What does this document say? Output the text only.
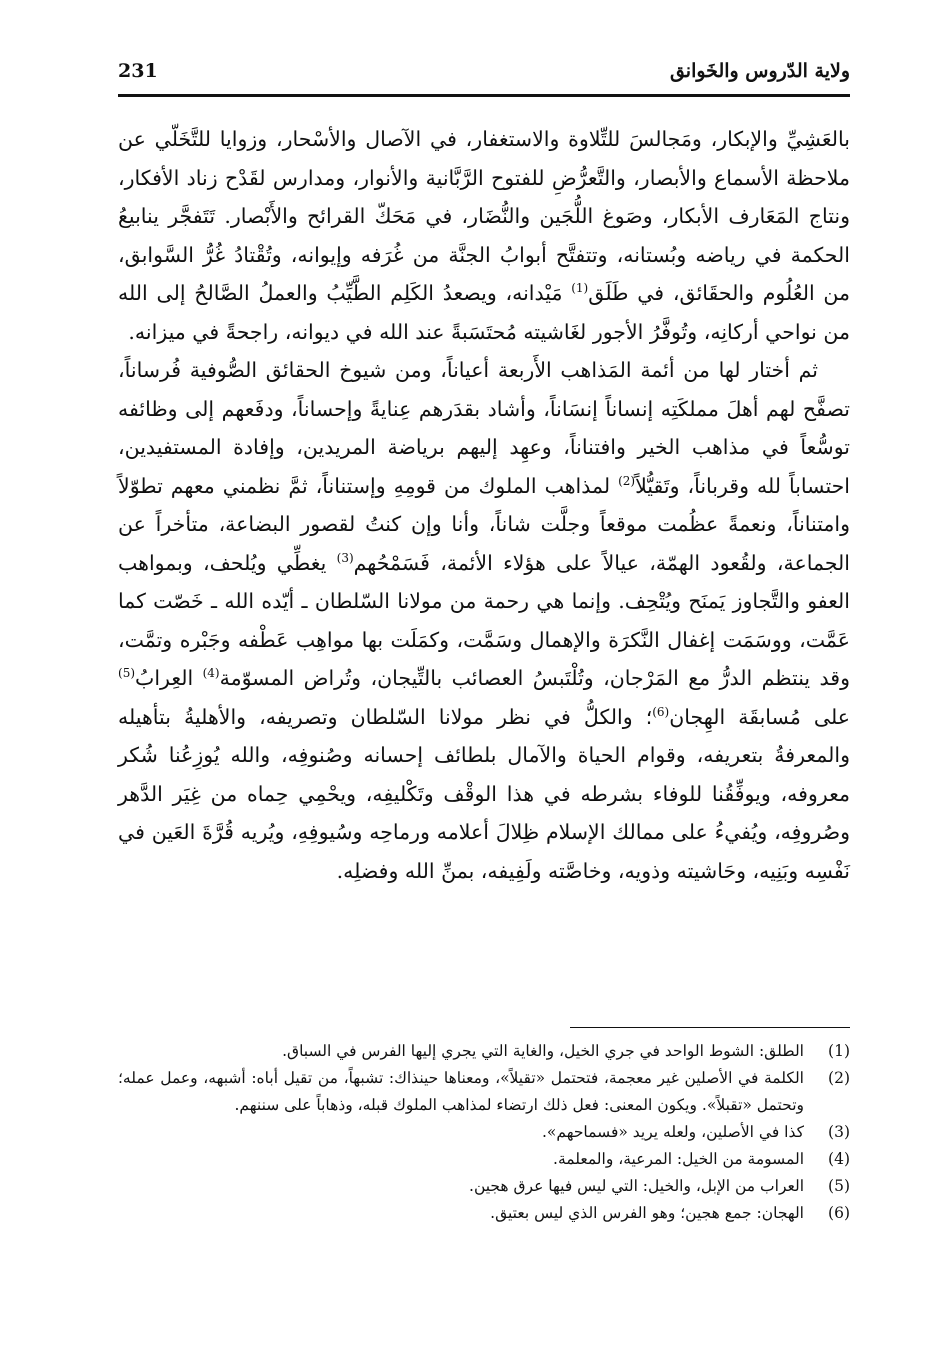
ولاية الدّروس والخَوانق
231

بالعَشِيِّ والإبكار، ومَجالسَ للتِّلاوة والاستغفار، في الآصال والأسْحار، وزوايا للتَّخَلّي عن ملاحظة الأسماع والأبصار، والتَّعرُّضِ للفتوح الرَّبَّانية والأنوار، ومدارس لقَدْح زناد الأفكار، ونتاج المَعَارف الأبكار، وصَوغ اللُّجَين والنُّضَار، في مَحَكّ القرائح والأَبْصار. تَتَفجَّر ينابيعُ الحكمة في رياضه وبُستانه، وتتفتَّح أبوابُ الجنَّة من غُرَفه وإيوانه، وتُقْتادُ غُرُّ السَّوابق، من العُلُوم والحقَائق، في طَلَق$^{(1)}$ مَيْدانه، ويصعدُ الكَلِم الطَّيِّبُ والعملُ الصَّالحُ إلى الله من نواحي أركانِه، وتُوفَّرُ الأجور لغَاشيته مُحتَسَبةً عند الله في ديوانه، راجحةً في ميزانه.

ثم أختار لها من أئمة المَذاهب الأَربعة أعياناً، ومن شيوخ الحقائق الصُّوفية فُرساناً، تصفَّح لهم أهلَ مملكَتِه إنساناً إنسَاناً، وأشاد بقدَرهم عِنايةً وإحساناً، ودفَعهم إلى وظائفه توسُّعاً في مذاهب الخير وافتناناً، وعهِد إليهم برياضة المريدين، وإفادة المستفيدين، احتساباً لله وقرباناً، وتَقيُّلاً$^{(2)}$ لمذاهب الملوك من قومِهِ وإستناناً، ثمَّ نظمني معهم تطوّلاً وامتناناً، ونعمةً عظُمت موقعاً وجلَّت شاناً، وأنا وإن كنتُ لقصور البضاعة، متأخراً عن الجماعة، ولقُعود الهمّة، عيالاً على هؤلاء الأئمة، فَسَمْحُهم$^{(3)}$ يغطِّي ويُلحف، وبمواهب العفو والتَّجاوز يَمنَح ويُتْحِف. وإنما هي رحمة من مولانا السّلطان ـ أيّده الله ـ خَصّت كما عَمَّت، ووسَمَت إغفال النَّكرَة والإهمال وسَمَّت، وكمَلَت بها مواهِب عَطْفه وجَبْره وتمَّت، وقد ينتظم الدرُّ مع المَرْجان، وتُلْتَبسُ العصائب بالتِّيجان، وتُراض المسوّمة$^{(4)}$ العِرابُ$^{(5)}$ على مُسابقَة الهِجان$^{(6)}$؛ والكلُّ في نظر مولانا السّلطان وتصريفه، والأهليةُ بتأهيله والمعرفةُ بتعريفه، وقوام الحياة والآمال بلطائف إحسانه وصُنوفِه، والله يُوزِعُنا شُكر معروفه، ويوفِّقُنا للوفاء بشرطه في هذا الوقْف وتَكْليفِه، ويحْمِي حِماه من غِيَر الدَّهر وصُروفِه، ويُفيءُ على ممالك الإسلام ظِلالَ أعلامه ورماحِه وسُيوفِهِ، ويُريه قُرَّةَ العَين في نَفْسِه وبَنِيه، وحَاشيته وذويه، وخاصَّته ولَفِيفه، بمنِّ الله وفضلِه.

(1)
الطلق: الشوط الواحد في جري الخيل، والغاية التي يجري إليها الفرس في السباق.
(2)
الكلمة في الأصلين غير معجمة، فتحتمل «تقيلاً»، ومعناها حينذاك: تشبهاً، من تقيل أباه: أشبهه، وعمل عمله؛ وتحتمل «تقبلاً». ويكون المعنى: فعل ذلك ارتضاء لمذاهب الملوك قبله، وذهاباً على سننهم.
(3)
كذا في الأصلين، ولعله يريد «فسماحهم».
(4)
المسومة من الخيل: المرعية، والمعلمة.
(5)
العراب من الإبل، والخيل: التي ليس فيها عرق هجين.
(6)
الهجان: جمع هجين؛ وهو الفرس الذي ليس بعتيق.
